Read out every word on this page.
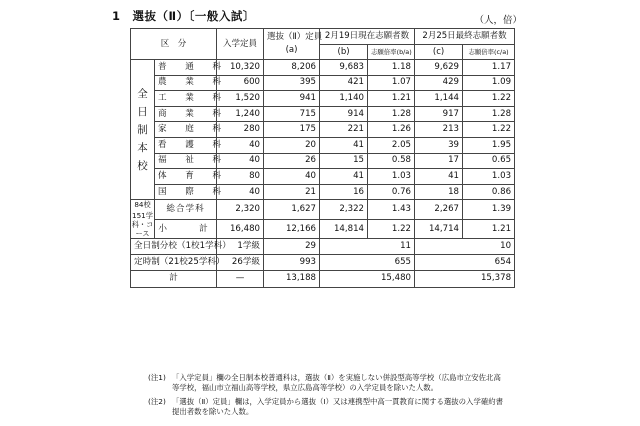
1　選抜（Ⅱ）〔一般入試〕	（人，倍）
区　分		入学定員	選抜（Ⅱ）定員
(a)	2月19日現在志願者数		2月25日最終志願者数	
				(b)	志願倍率(b/a)	(c)	志願倍率(c/a)
全日制本校	普　通　科	10,320	8,206	9,683	1.18	9,629	1.17
	農　業　科	600	395	421	1.07	429	1.09
	工　業　科	1,520	941	1,140	1.21	1,144	1.22
	商　業　科	1,240	715	914	1.28	917	1.28
	家　庭　科	280	175	221	1.26	213	1.22
	看　護　科	40	20	41	2.05	39	1.95
	福　祉　科	40	26	15	0.58	17	0.65
	体　育　科	80	40	41	1.03	41	1.03
	国　際　科	40	21	16	0.76	18	0.86

84校
151学科・コース	総合学科	2,320	1,627	2,322	1.43	2,267	1.39
	小　　計	16,480	12,166	14,814	1.22	14,714	1.21
全日制分校（1校1学科）		1学級	29	11		10	
定時制（21校25学科）		26学級	993	655		654	
計		—	13,188	15,480		15,378	
(注1) 「入学定員」欄の全日制本校普通科は，選抜（Ⅱ）を実施しない併設型高等学校（広島市立安佐北高等学校，福山市立福山高等学校，県立広島高等学校）の入学定員を除いた人数。
(注2) 「選抜（Ⅱ）定員」欄は，入学定員から選抜（Ⅰ）又は連携型中高一貫教育に関する選抜の入学確約書提出者数を除いた人数。
